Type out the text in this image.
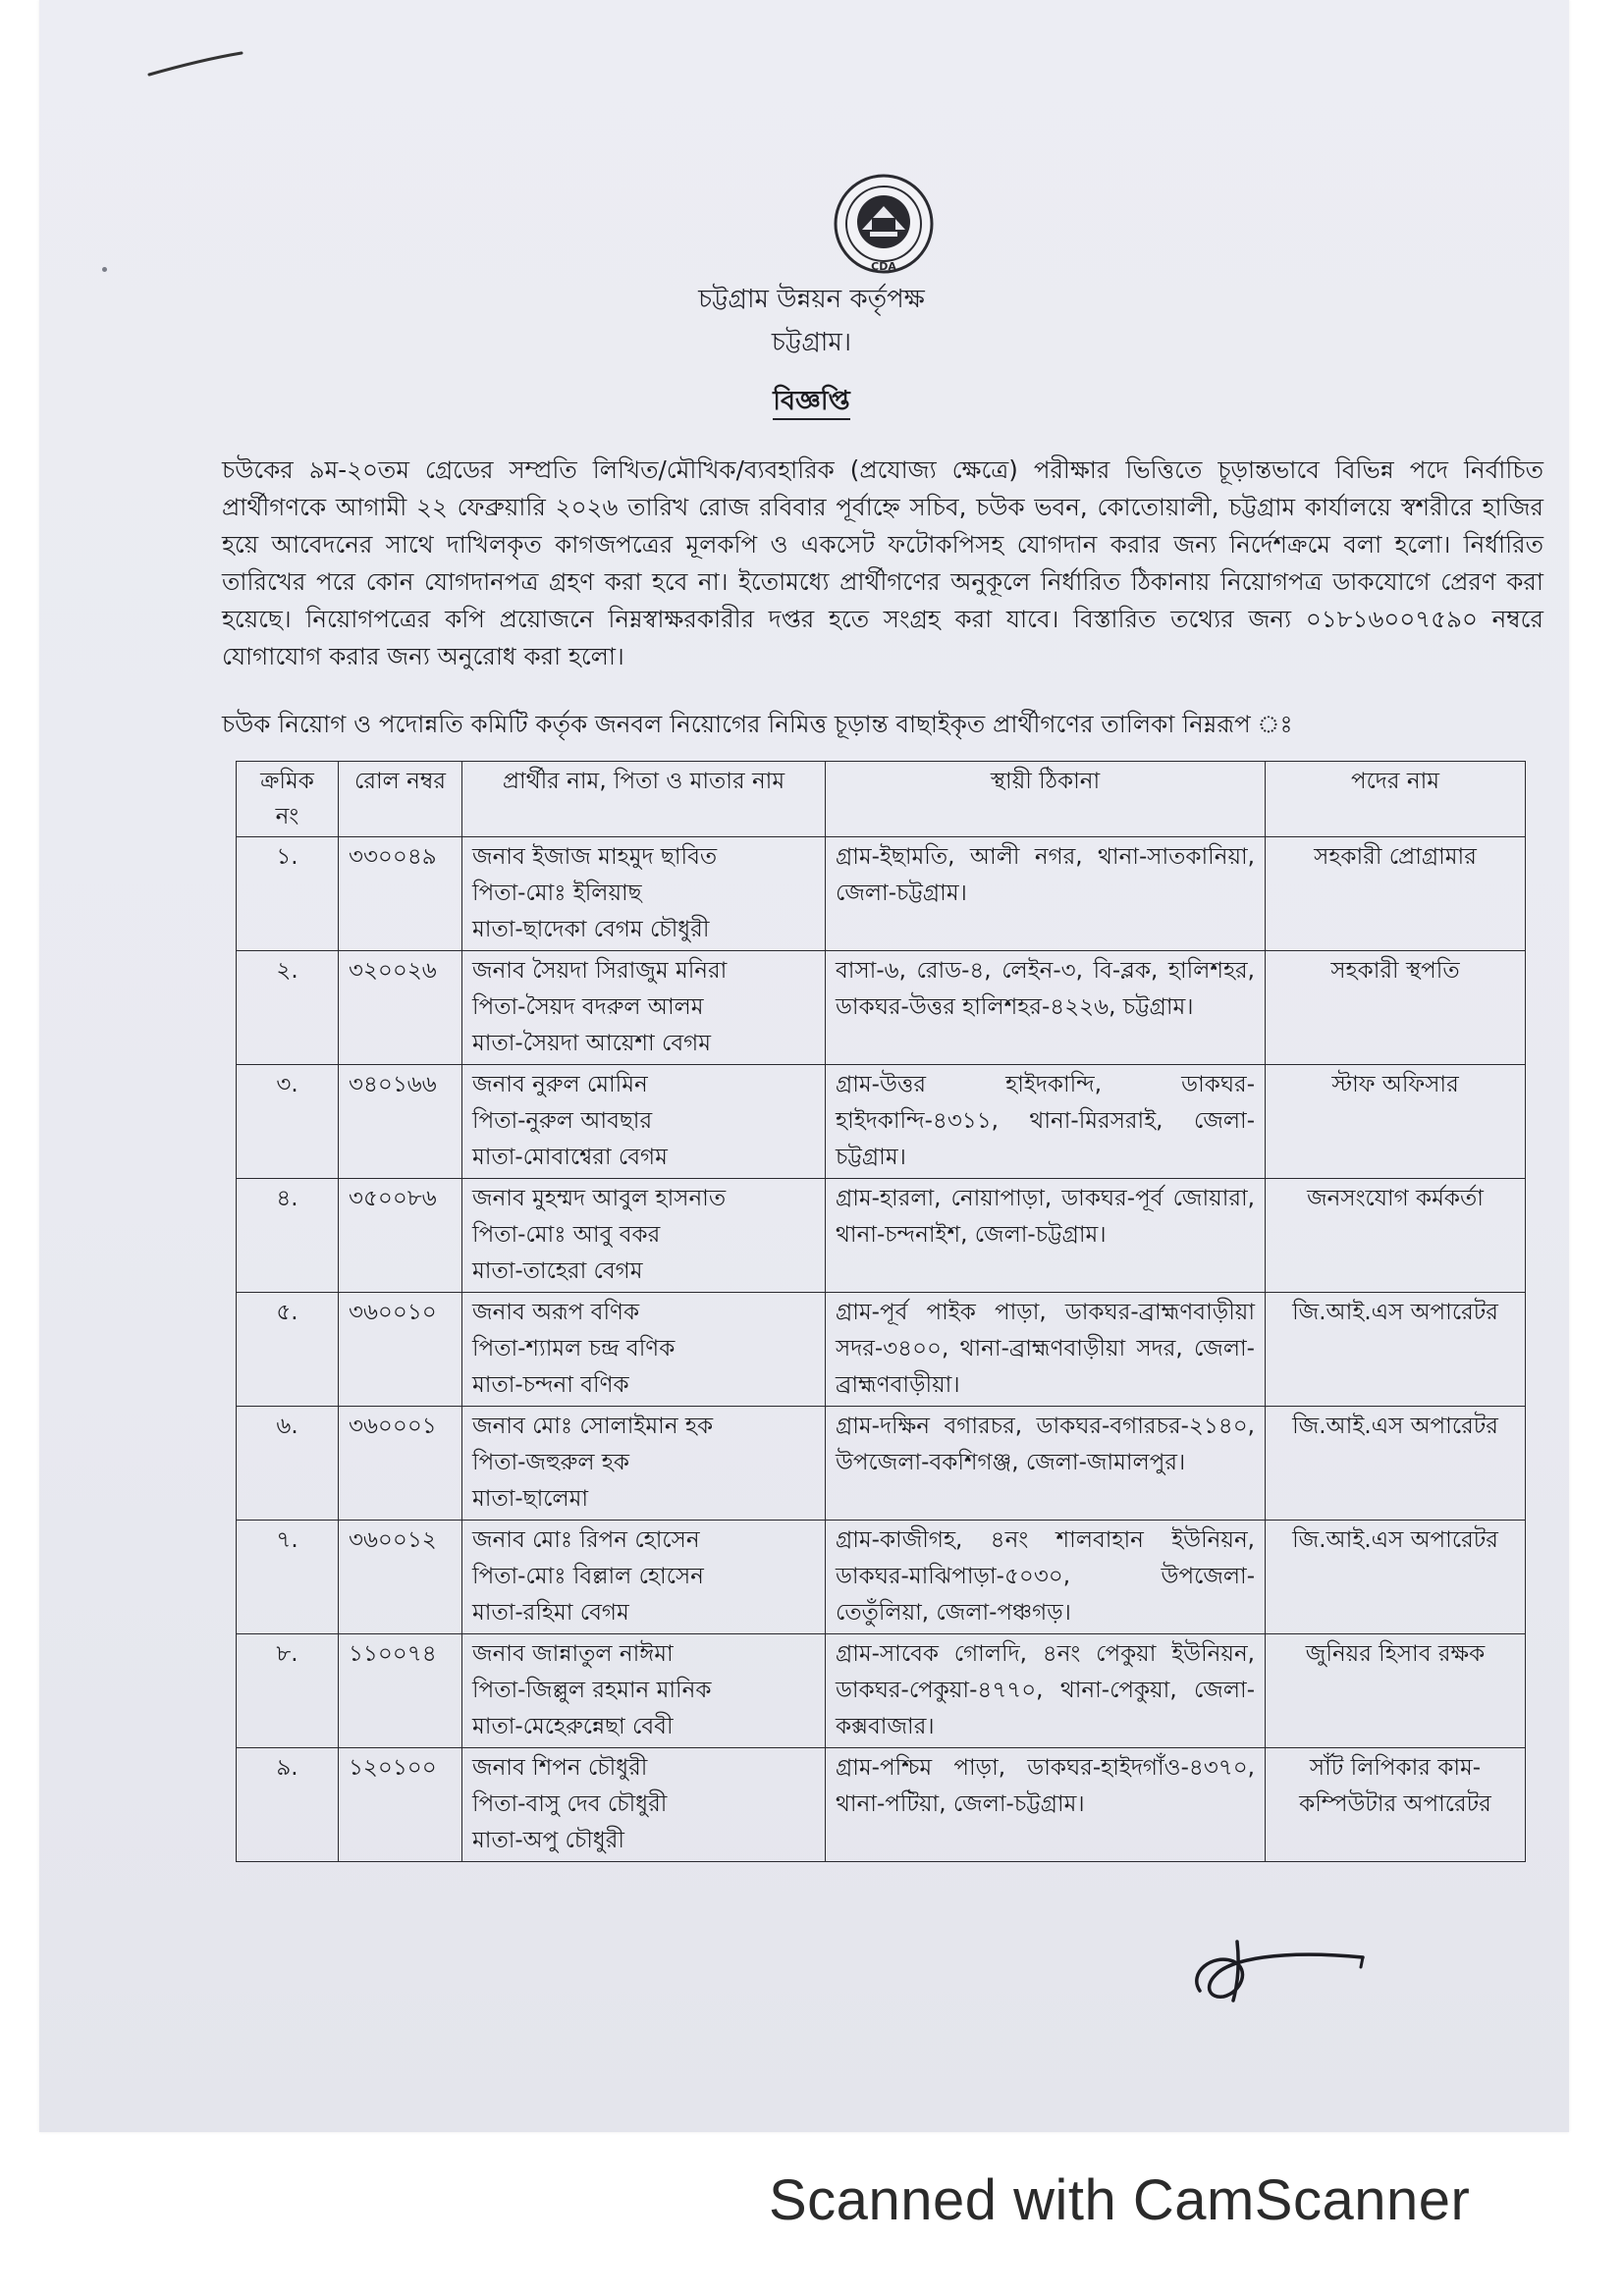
CDA
চট্টগ্রাম উন্নয়ন কর্তৃপক্ষ
চট্টগ্রাম।
বিজ্ঞপ্তি
চউকের ৯ম-২০তম গ্রেডের সম্প্রতি লিখিত/মৌখিক/ব্যবহারিক (প্রযোজ্য ক্ষেত্রে) পরীক্ষার ভিত্তিতে চূড়ান্তভাবে বিভিন্ন পদে নির্বাচিত প্রার্থীগণকে আগামী ২২ ফেব্রুয়ারি ২০২৬ তারিখ রোজ রবিবার পূর্বাহ্নে সচিব, চউক ভবন, কোতোয়ালী, চট্টগ্রাম কার্যালয়ে স্বশরীরে হাজির হয়ে আবেদনের সাথে দাখিলকৃত কাগজপত্রের মূলকপি ও একসেট ফটোকপিসহ যোগদান করার জন্য নির্দেশক্রমে বলা হলো। নির্ধারিত তারিখের পরে কোন যোগদানপত্র গ্রহণ করা হবে না। ইতোমধ্যে প্রার্থীগণের অনুকূলে নির্ধারিত ঠিকানায় নিয়োগপত্র ডাকযোগে প্রেরণ করা হয়েছে। নিয়োগপত্রের কপি প্রয়োজনে নিম্নস্বাক্ষরকারীর দপ্তর হতে সংগ্রহ করা যাবে। বিস্তারিত তথ্যের জন্য ০১৮১৬০০৭৫৯০ নম্বরে যোগাযোগ করার জন্য অনুরোধ করা হলো।
চউক নিয়োগ ও পদোন্নতি কমিটি কর্তৃক জনবল নিয়োগের নিমিত্ত চূড়ান্ত বাছাইকৃত প্রার্থীগণের তালিকা নিম্নরূপ ঃ
ক্রমিক
নং	রোল নম্বর	প্রার্থীর নাম, পিতা ও মাতার নাম	স্থায়ী ঠিকানা	পদের নাম
১.	৩৩০০৪৯	জনাব ইজাজ মাহমুদ ছাবিত
পিতা-মোঃ ইলিয়াছ
মাতা-ছাদেকা বেগম চৌধুরী	গ্রাম-ইছামতি, আলী নগর, থানা-সাতকানিয়া, জেলা-চট্টগ্রাম।	সহকারী প্রোগ্রামার
২.	৩২০০২৬	জনাব সৈয়দা সিরাজুম মনিরা
পিতা-সৈয়দ বদরুল আলম
মাতা-সৈয়দা আয়েশা বেগম	বাসা-৬, রোড-৪, লেইন-৩, বি-ব্লক, হালিশহর, ডাকঘর-উত্তর হালিশহর-৪২২৬, চট্টগ্রাম।	সহকারী স্থপতি
৩.	৩৪০১৬৬	জনাব নুরুল মোমিন
পিতা-নুরুল আবছার
মাতা-মোবাশ্বেরা বেগম	গ্রাম-উত্তর হাইদকান্দি, ডাকঘর-হাইদকান্দি-৪৩১১, থানা-মিরসরাই, জেলা-চট্টগ্রাম।	স্টাফ অফিসার
৪.	৩৫০০৮৬	জনাব মুহম্মদ আবুল হাসনাত
পিতা-মোঃ আবু বকর
মাতা-তাহেরা বেগম	গ্রাম-হারলা, নোয়াপাড়া, ডাকঘর-পূর্ব জোয়ারা, থানা-চন্দনাইশ, জেলা-চট্টগ্রাম।	জনসংযোগ কর্মকর্তা
৫.	৩৬০০১০	জনাব অরূপ বণিক
পিতা-শ্যামল চন্দ্র বণিক
মাতা-চন্দনা বণিক	গ্রাম-পূর্ব পাইক পাড়া, ডাকঘর-ব্রাহ্মণবাড়ীয়া সদর-৩৪০০, থানা-ব্রাহ্মণবাড়ীয়া সদর, জেলা-ব্রাহ্মণবাড়ীয়া।	জি.আই.এস অপারেটর
৬.	৩৬০০০১	জনাব মোঃ সোলাইমান হক
পিতা-জহুরুল হক
মাতা-ছালেমা	গ্রাম-দক্ষিন বগারচর, ডাকঘর-বগারচর-২১৪০, উপজেলা-বকশিগঞ্জ, জেলা-জামালপুর।	জি.আই.এস অপারেটর
৭.	৩৬০০১২	জনাব মোঃ রিপন হোসেন
পিতা-মোঃ বিল্লাল হোসেন
মাতা-রহিমা বেগম	গ্রাম-কাজীগহ, ৪নং শালবাহান ইউনিয়ন, ডাকঘর-মাঝিপাড়া-৫০৩০, উপজেলা-তেতুঁলিয়া, জেলা-পঞ্চগড়।	জি.আই.এস অপারেটর
৮.	১১০০৭৪	জনাব জান্নাতুল নাঈমা
পিতা-জিল্লুল রহমান মানিক
মাতা-মেহেরুন্নেছা বেবী	গ্রাম-সাবেক গোলদি, ৪নং পেকুয়া ইউনিয়ন, ডাকঘর-পেকুয়া-৪৭৭০, থানা-পেকুয়া, জেলা-কক্সবাজার।	জুনিয়র হিসাব রক্ষক
৯.	১২০১০০	জনাব শিপন চৌধুরী
পিতা-বাসু দেব চৌধুরী
মাতা-অপু চৌধুরী	গ্রাম-পশ্চিম পাড়া, ডাকঘর-হাইদগাঁও-৪৩৭০, থানা-পটিয়া, জেলা-চট্টগ্রাম।	সাঁট লিপিকার কাম-কম্পিউটার অপারেটর
Scanned with CamScanner
